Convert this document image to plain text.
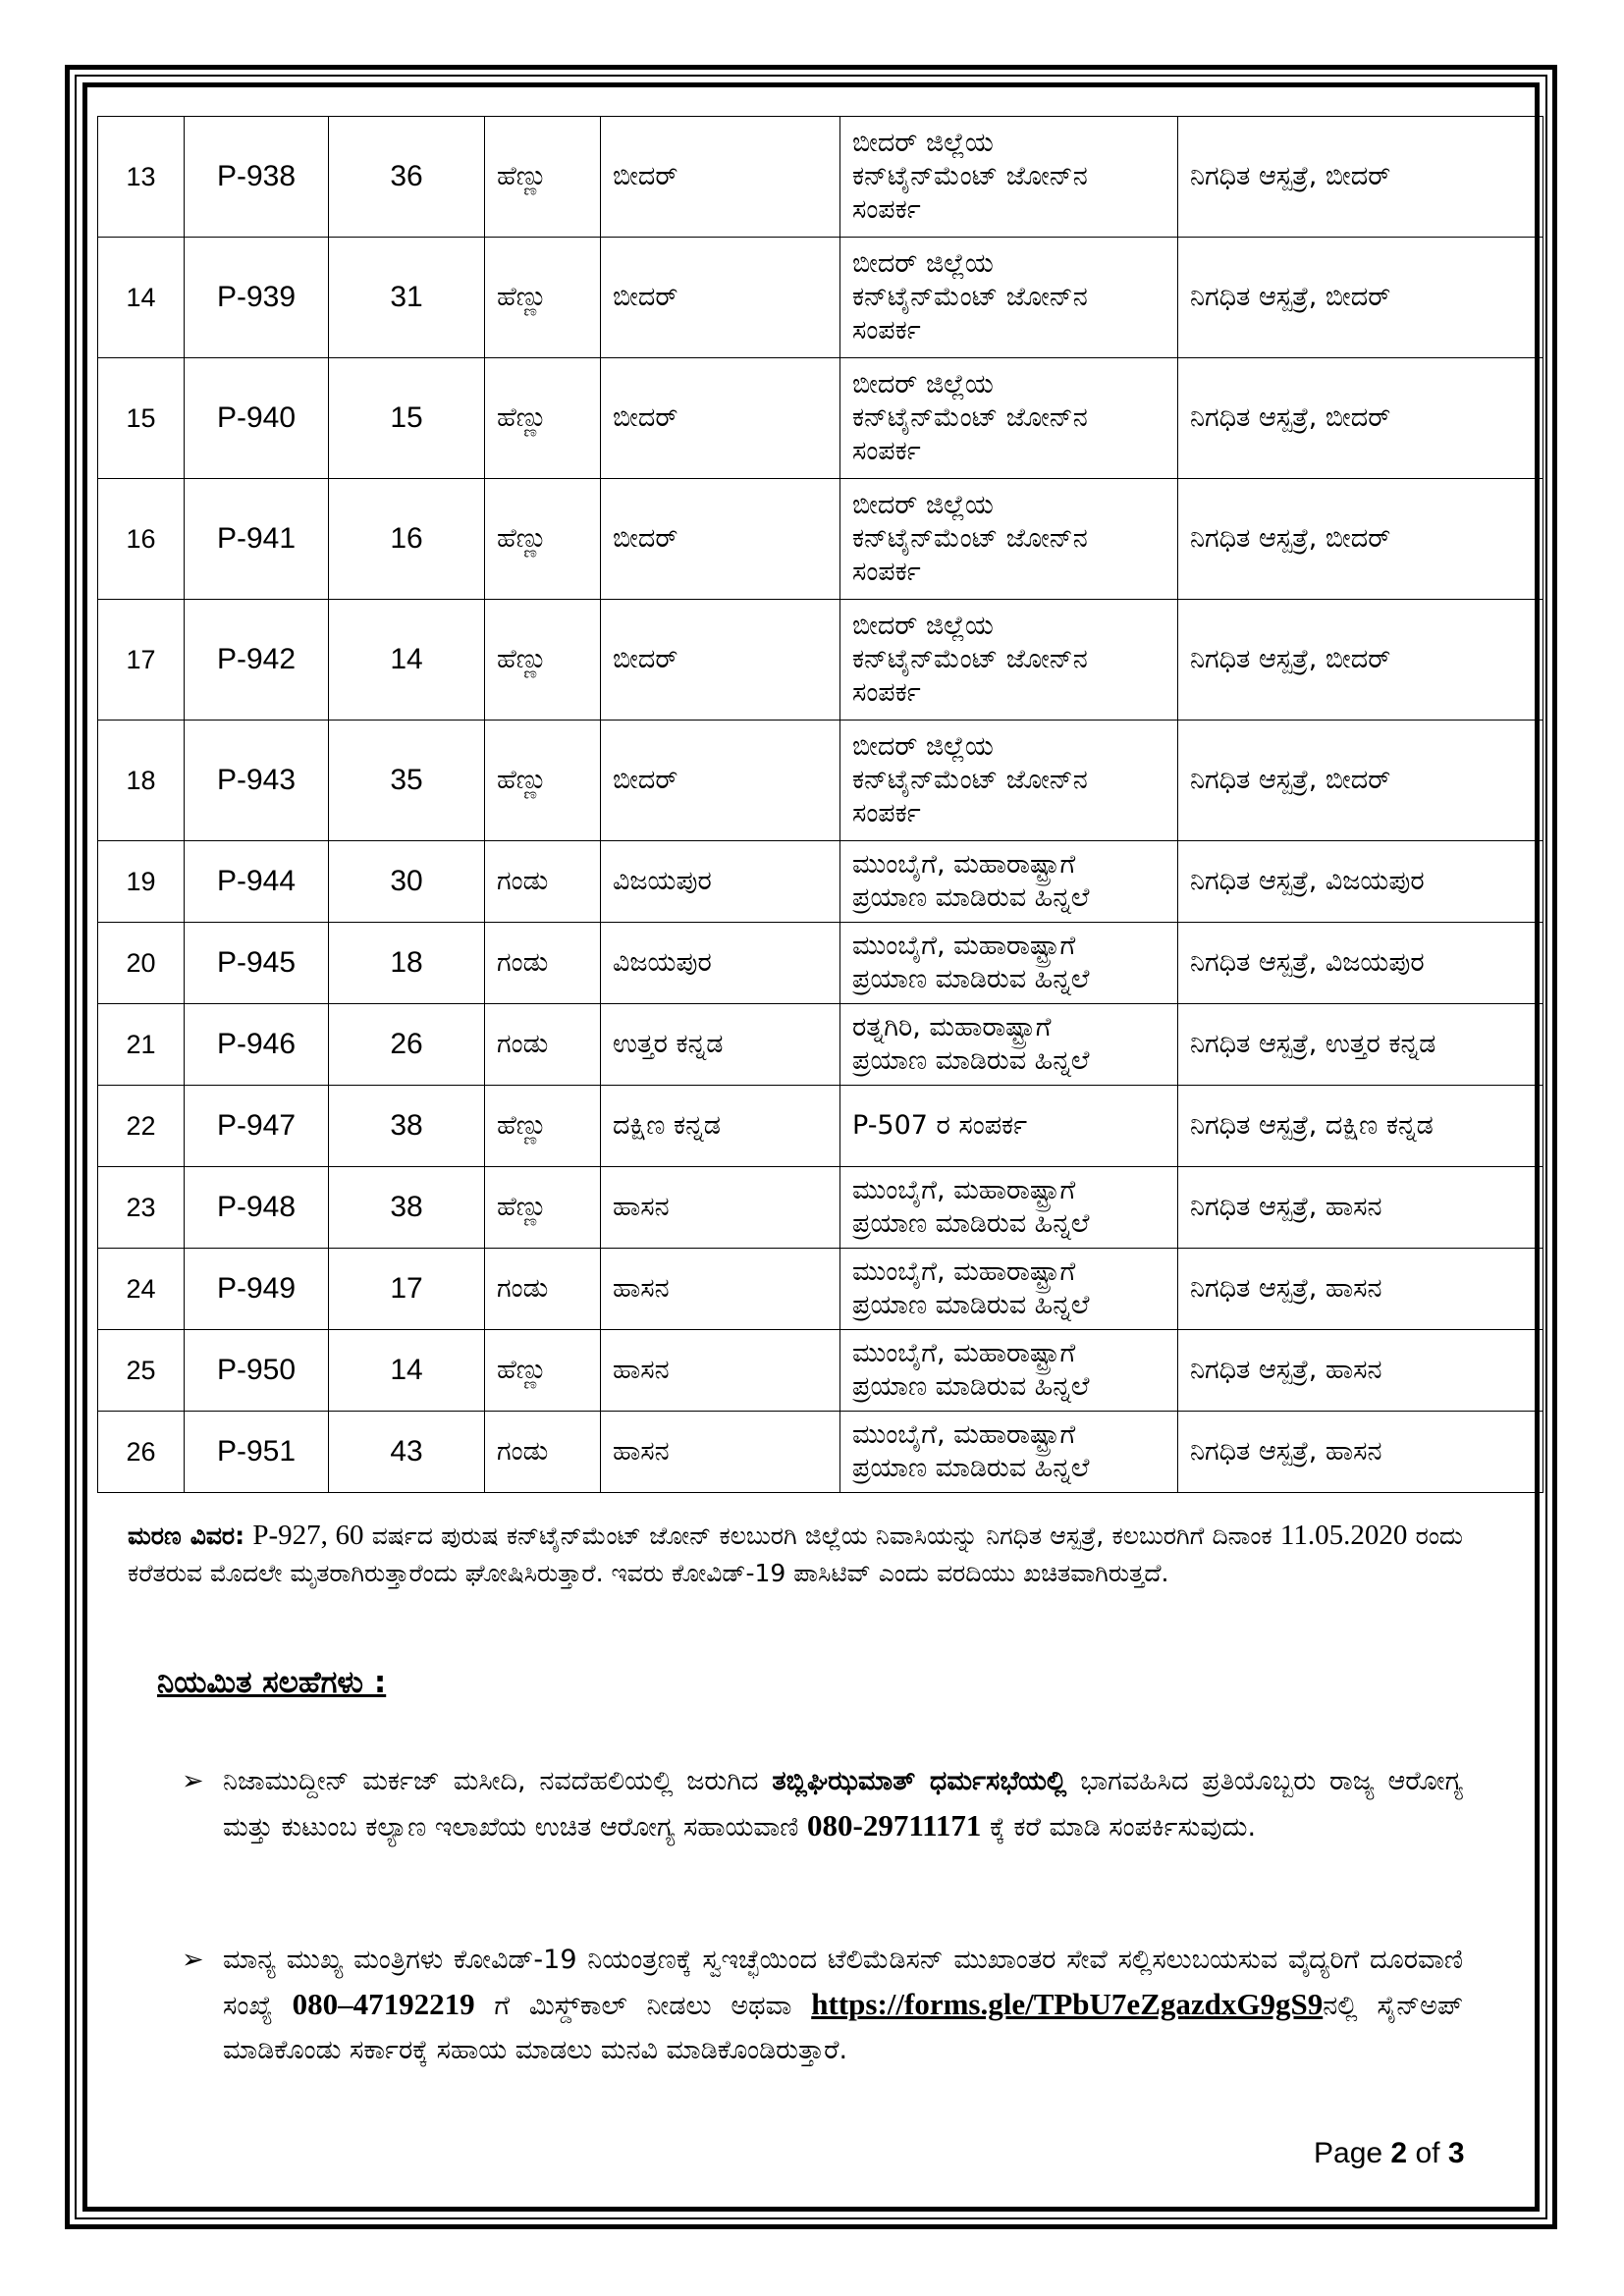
13	P-938	36	ಹೆಣ್ಣು	ಬೀದರ್	ಬೀದರ್ ಜಿಲ್ಲೆಯ
ಕನ್‌ಟೈನ್‌ಮೆಂಟ್ ಜೋನ್‌ನ
ಸಂಪರ್ಕ	ನಿಗಧಿತ ಆಸ್ಪತ್ರೆ, ಬೀದರ್
14	P-939	31	ಹೆಣ್ಣು	ಬೀದರ್	ಬೀದರ್ ಜಿಲ್ಲೆಯ
ಕನ್‌ಟೈನ್‌ಮೆಂಟ್ ಜೋನ್‌ನ
ಸಂಪರ್ಕ	ನಿಗಧಿತ ಆಸ್ಪತ್ರೆ, ಬೀದರ್
15	P-940	15	ಹೆಣ್ಣು	ಬೀದರ್	ಬೀದರ್ ಜಿಲ್ಲೆಯ
ಕನ್‌ಟೈನ್‌ಮೆಂಟ್ ಜೋನ್‌ನ
ಸಂಪರ್ಕ	ನಿಗಧಿತ ಆಸ್ಪತ್ರೆ, ಬೀದರ್
16	P-941	16	ಹೆಣ್ಣು	ಬೀದರ್	ಬೀದರ್ ಜಿಲ್ಲೆಯ
ಕನ್‌ಟೈನ್‌ಮೆಂಟ್ ಜೋನ್‌ನ
ಸಂಪರ್ಕ	ನಿಗಧಿತ ಆಸ್ಪತ್ರೆ, ಬೀದರ್
17	P-942	14	ಹೆಣ್ಣು	ಬೀದರ್	ಬೀದರ್ ಜಿಲ್ಲೆಯ
ಕನ್‌ಟೈನ್‌ಮೆಂಟ್ ಜೋನ್‌ನ
ಸಂಪರ್ಕ	ನಿಗಧಿತ ಆಸ್ಪತ್ರೆ, ಬೀದರ್
18	P-943	35	ಹೆಣ್ಣು	ಬೀದರ್	ಬೀದರ್ ಜಿಲ್ಲೆಯ
ಕನ್‌ಟೈನ್‌ಮೆಂಟ್ ಜೋನ್‌ನ
ಸಂಪರ್ಕ	ನಿಗಧಿತ ಆಸ್ಪತ್ರೆ, ಬೀದರ್
19	P-944	30	ಗಂಡು	ವಿಜಯಪುರ	ಮುಂಬೈಗೆ, ಮಹಾರಾಷ್ಟ್ರಾಗೆ
ಪ್ರಯಾಣ ಮಾಡಿರುವ ಹಿನ್ನಲೆ	ನಿಗಧಿತ ಆಸ್ಪತ್ರೆ, ವಿಜಯಪುರ
20	P-945	18	ಗಂಡು	ವಿಜಯಪುರ	ಮುಂಬೈಗೆ, ಮಹಾರಾಷ್ಟ್ರಾಗೆ
ಪ್ರಯಾಣ ಮಾಡಿರುವ ಹಿನ್ನಲೆ	ನಿಗಧಿತ ಆಸ್ಪತ್ರೆ, ವಿಜಯಪುರ
21	P-946	26	ಗಂಡು	ಉತ್ತರ ಕನ್ನಡ	ರತ್ನಗಿರಿ, ಮಹಾರಾಷ್ಟ್ರಾಗೆ
ಪ್ರಯಾಣ ಮಾಡಿರುವ ಹಿನ್ನಲೆ	ನಿಗಧಿತ ಆಸ್ಪತ್ರೆ, ಉತ್ತರ ಕನ್ನಡ
22	P-947	38	ಹೆಣ್ಣು	ದಕ್ಷಿಣ ಕನ್ನಡ	P-507 ರ ಸಂಪರ್ಕ	ನಿಗಧಿತ ಆಸ್ಪತ್ರೆ, ದಕ್ಷಿಣ ಕನ್ನಡ
23	P-948	38	ಹೆಣ್ಣು	ಹಾಸನ	ಮುಂಬೈಗೆ, ಮಹಾರಾಷ್ಟ್ರಾಗೆ
ಪ್ರಯಾಣ ಮಾಡಿರುವ ಹಿನ್ನಲೆ	ನಿಗಧಿತ ಆಸ್ಪತ್ರೆ, ಹಾಸನ
24	P-949	17	ಗಂಡು	ಹಾಸನ	ಮುಂಬೈಗೆ, ಮಹಾರಾಷ್ಟ್ರಾಗೆ
ಪ್ರಯಾಣ ಮಾಡಿರುವ ಹಿನ್ನಲೆ	ನಿಗಧಿತ ಆಸ್ಪತ್ರೆ, ಹಾಸನ
25	P-950	14	ಹೆಣ್ಣು	ಹಾಸನ	ಮುಂಬೈಗೆ, ಮಹಾರಾಷ್ಟ್ರಾಗೆ
ಪ್ರಯಾಣ ಮಾಡಿರುವ ಹಿನ್ನಲೆ	ನಿಗಧಿತ ಆಸ್ಪತ್ರೆ, ಹಾಸನ
26	P-951	43	ಗಂಡು	ಹಾಸನ	ಮುಂಬೈಗೆ, ಮಹಾರಾಷ್ಟ್ರಾಗೆ
ಪ್ರಯಾಣ ಮಾಡಿರುವ ಹಿನ್ನಲೆ	ನಿಗಧಿತ ಆಸ್ಪತ್ರೆ, ಹಾಸನ
ಮರಣ ವಿವರ: P-927, 60 ವರ್ಷದ ಪುರುಷ ಕನ್‌ಟೈನ್‌ಮೆಂಟ್ ಜೋನ್ ಕಲಬುರಗಿ ಜಿಲ್ಲೆಯ ನಿವಾಸಿಯನ್ನು ನಿಗಧಿತ ಆಸ್ಪತ್ರೆ, ಕಲಬುರಗಿಗೆ ದಿನಾಂಕ 11.05.2020 ರಂದು ಕರೆತರುವ ಮೊದಲೇ ಮೃತರಾಗಿರುತ್ತಾರೆಂದು ಘೋಷಿಸಿರುತ್ತಾರೆ. ಇವರು ಕೋವಿಡ್-19 ಪಾಸಿಟಿವ್ ಎಂದು ವರದಿಯು ಖಚಿತವಾಗಿರುತ್ತದೆ.
ನಿಯಮಿತ ಸಲಹೆಗಳು :
➢ ನಿಜಾಮುದ್ದೀನ್ ಮರ್ಕಜ್ ಮಸೀದಿ, ನವದೆಹಲಿಯಲ್ಲಿ ಜರುಗಿದ ತಬ್ಲಿಘಿಝಮಾತ್ ಧರ್ಮಸಭೆಯಲ್ಲಿ ಭಾಗವಹಿಸಿದ ಪ್ರತಿಯೊಬ್ಬರು ರಾಜ್ಯ ಆರೋಗ್ಯ ಮತ್ತು ಕುಟುಂಬ ಕಲ್ಯಾಣ ಇಲಾಖೆಯ ಉಚಿತ ಆರೋಗ್ಯ ಸಹಾಯವಾಣಿ 080-29711171 ಕ್ಕೆ ಕರೆ ಮಾಡಿ ಸಂಪರ್ಕಿಸುವುದು.
➢ ಮಾನ್ಯ ಮುಖ್ಯ ಮಂತ್ರಿಗಳು ಕೋವಿಡ್-19 ನಿಯಂತ್ರಣಕ್ಕೆ ಸ್ವಇಚ್ಛೆಯಿಂದ ಟೆಲಿಮೆಡಿಸನ್ ಮುಖಾಂತರ ಸೇವೆ ಸಲ್ಲಿಸಲುಬಯಸುವ ವೈದ್ಯರಿಗೆ ದೂರವಾಣಿ ಸಂಖ್ಯೆ 080–47192219 ಗೆ ಮಿಸ್ಡ್‌ಕಾಲ್ ನೀಡಲು ಅಥವಾ https://forms.gle/TPbU7eZgazdxG9gS9ನಲ್ಲಿ ಸೈನ್‌ಅಪ್ ಮಾಡಿಕೊಂಡು ಸರ್ಕಾರಕ್ಕೆ ಸಹಾಯ ಮಾಡಲು ಮನವಿ ಮಾಡಿಕೊಂಡಿರುತ್ತಾರೆ.
Page 2 of 3
